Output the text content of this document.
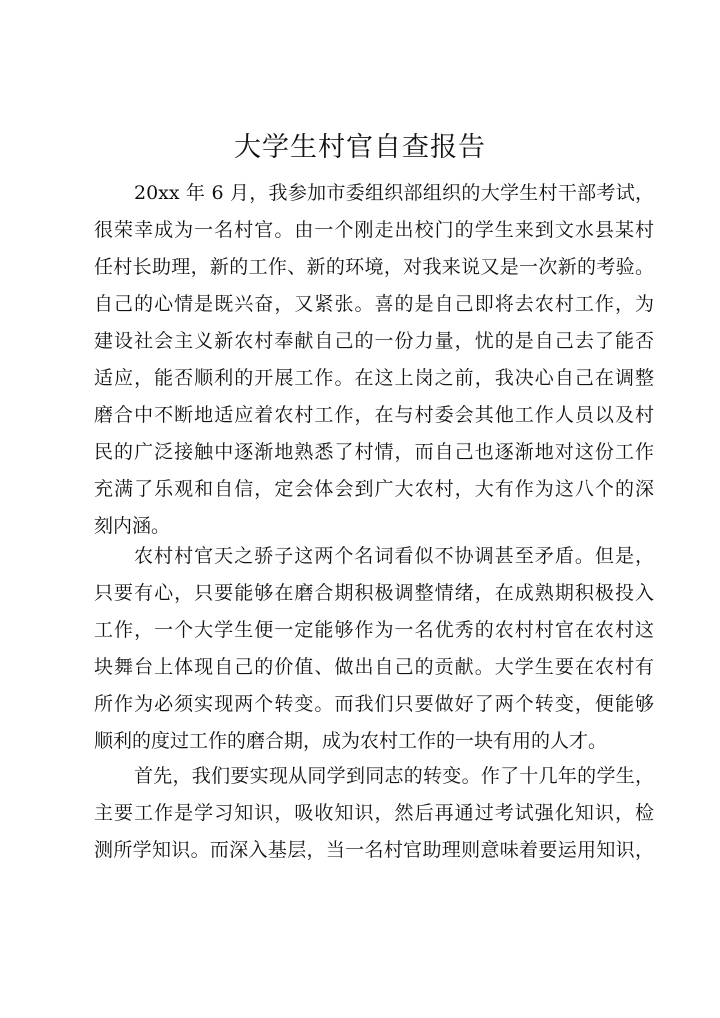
大学生村官自查报告
20xx 年 6 月，我参加市委组织部组织的大学生村干部考试，
很荣幸成为一名村官。由一个刚走出校门的学生来到文水县某村
任村长助理，新的工作、新的环境，对我来说又是一次新的考验。
自己的心情是既兴奋，又紧张。喜的是自己即将去农村工作，为
建设社会主义新农村奉献自己的一份力量，忧的是自己去了能否
适应，能否顺利的开展工作。在这上岗之前，我决心自己在调整
磨合中不断地适应着农村工作，在与村委会其他工作人员以及村
民的广泛接触中逐渐地熟悉了村情，而自己也逐渐地对这份工作
充满了乐观和自信，定会体会到广大农村，大有作为这八个的深
刻内涵。
农村村官天之骄子这两个名词看似不协调甚至矛盾。但是，
只要有心，只要能够在磨合期积极调整情绪，在成熟期积极投入
工作，一个大学生便一定能够作为一名优秀的农村村官在农村这
块舞台上体现自己的价值、做出自己的贡献。大学生要在农村有
所作为必须实现两个转变。而我们只要做好了两个转变，便能够
顺利的度过工作的磨合期，成为农村工作的一块有用的人才。
首先，我们要实现从同学到同志的转变。作了十几年的学生，
主要工作是学习知识，吸收知识，然后再通过考试强化知识，检
测所学知识。而深入基层，当一名村官助理则意味着要运用知识，
